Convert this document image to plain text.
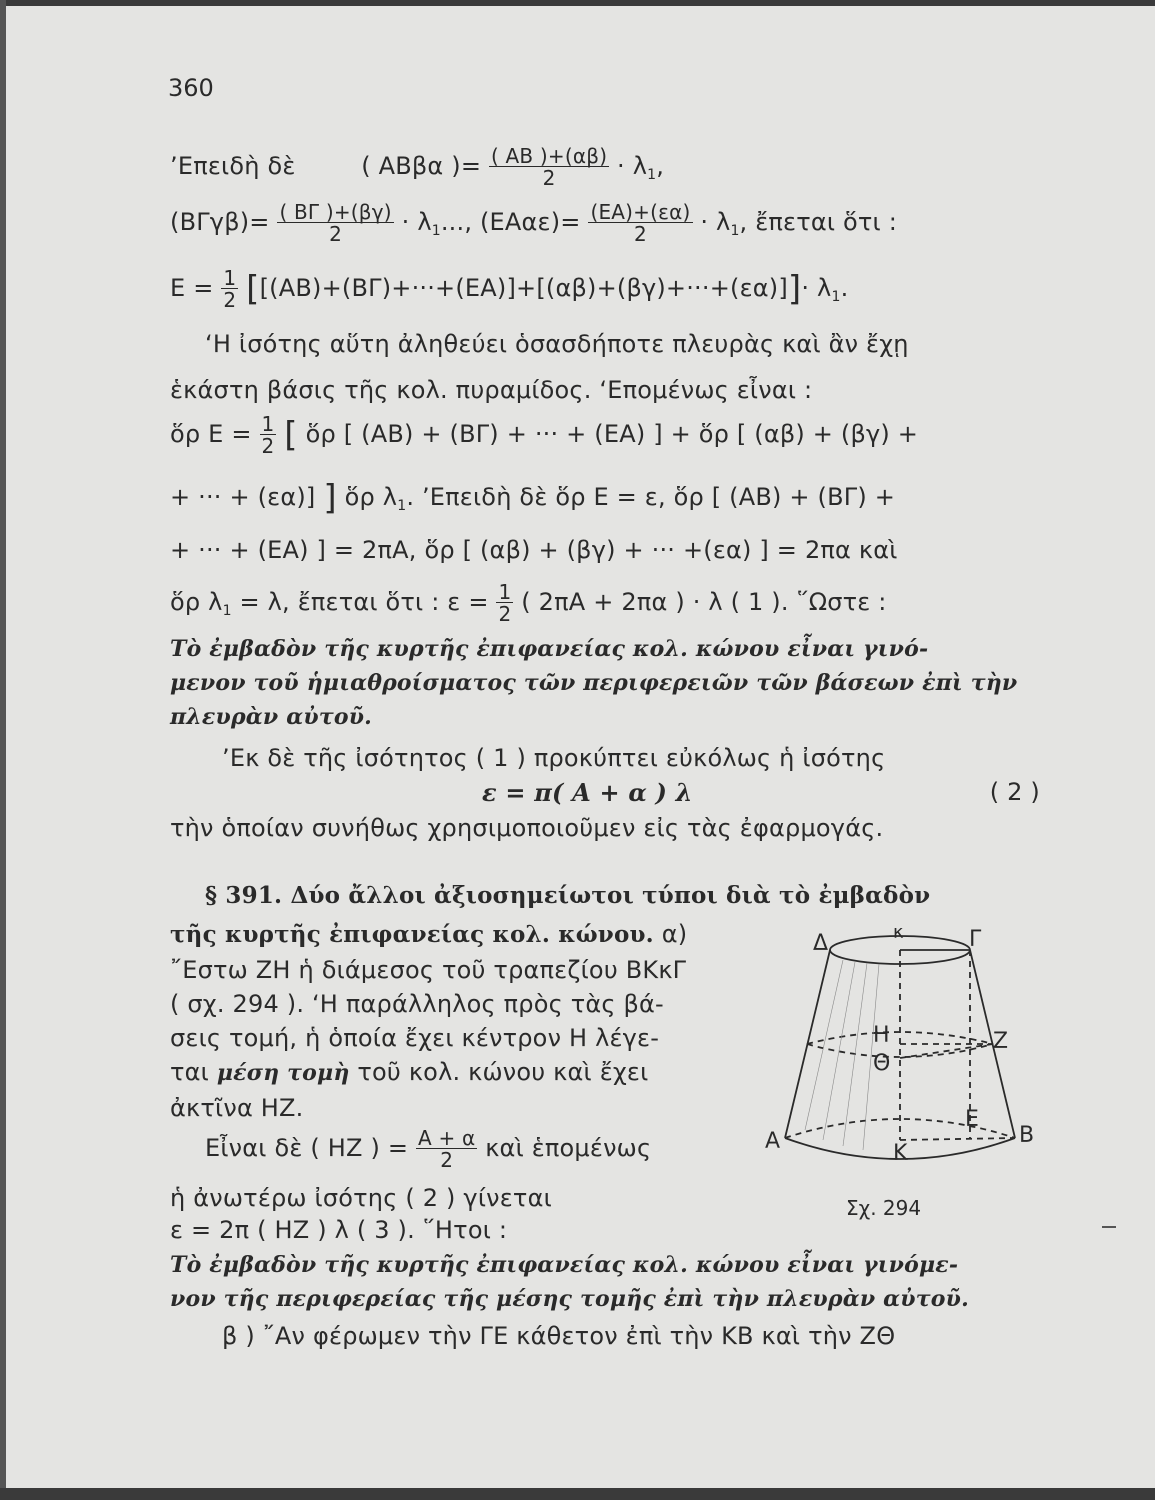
360
’Επειδὴ δὲ	( ΑΒβα )= $\frac{( AB )+(\alpha\beta)}{2} \cdot \lambda_1$,
$(B\Gamma\gamma\beta)= \frac{( B\Gamma )+(\beta\gamma)}{2} \cdot \lambda_1$..., $(EA\alpha\varepsilon)= \frac{(EA)+(\varepsilon\alpha)}{2} \cdot \lambda_1$, ἔπεται ὅτι :
$E = \frac{1}{2} [[(AB)+(B\Gamma)+\cdot\cdot\cdot+(EA)]+[(\alpha\beta)+(\beta\gamma)+\cdot\cdot\cdot+(\varepsilon\alpha)]]\cdot \lambda_1$.
‘Η ἰσότης αὕτη ἀληθεύει ὁσασδήποτε πλευρὰς καὶ ἂν ἔχῃ
ἑκάστη βάσις τῆς κολ. πυραμίδος. ‘Επομένως εἶναι :
ὅρ $E = \frac{1}{2}$ [ ὅρ [ (ΑΒ) + (ΒΓ) + ··· + (ΕΑ) ] + ὅρ [ (αβ) + (βγ) +
+ ··· + (εα)] ] ὅρ $\lambda_1$. ’Επειδὴ δὲ ὅρ Ε = ε, ὅρ [ (ΑΒ) + (ΒΓ) +
+ ··· + (ΕΑ) ] = 2πΑ, ὅρ [ (αβ) + (βγ) + ··· +(εα) ] = 2πα καὶ
ὅρ $\lambda_1 = \lambda$, ἔπεται ὅτι : $\varepsilon = \frac{1}{2}$ ( 2πΑ + 2πα ) · λ ( 1 ). ῞Ωστε :
Τὸ ἐμβαδὸν τῆς κυρτῆς ἐπιφανείας κολ. κώνου εἶναι γινό-
μενον τοῦ ἡμιαθροίσματος τῶν περιφερειῶν τῶν βάσεων ἐπὶ τὴν
πλευρὰν αὐτοῦ.
’Εκ δὲ τῆς ἰσότητος ( 1 ) προκύπτει εὐκόλως ἡ ἰσότης
ε = π( Α + α ) λ	( 2 )
τὴν ὁποίαν συνήθως χρησιμοποιοῦμεν εἰς τὰς ἐφαρμογάς.
§ 391. Δύο ἄλλοι ἀξιοσημείωτοι τύποι διὰ τὸ ἐμβαδὸν
τῆς κυρτῆς ἐπιφανείας κολ. κώνου. α)
῎Εστω ΖΗ ἡ διάμεσος τοῦ τραπεζίου ΒΚκΓ
( σχ. 294 ). ‘Η παράλληλος πρὸς τὰς βά-
σεις τομή, ἡ ὁποία ἔχει κέντρον Η λέγε-
ται μέση τομὴ τοῦ κολ. κώνου καὶ ἔχει
ἀκτῖνα ΗΖ.
Εἶναι δὲ ( ΗΖ ) = $\frac{A + \alpha}{2}$ καὶ ἑπομένως
ἡ ἀνωτέρω ἰσότης ( 2 ) γίνεται
ε = 2π ( ΗΖ ) λ ( 3 ). ῞Ητοι :
Τὸ ἐμβαδὸν τῆς κυρτῆς ἐπιφανείας κολ. κώνου εἶναι γινόμε-
νον τῆς περιφερείας τῆς μέσης τομῆς ἐπὶ τὴν πλευρὰν αὐτοῦ.
β ) ῎Αν φέρωμεν τὴν ΓΕ κάθετον ἐπὶ τὴν ΚΒ καὶ τὴν ΖΘ
Δ	κ	Γ
Η	Ζ
Θ
Ε
Α	Κ
Β
Σχ. 294
